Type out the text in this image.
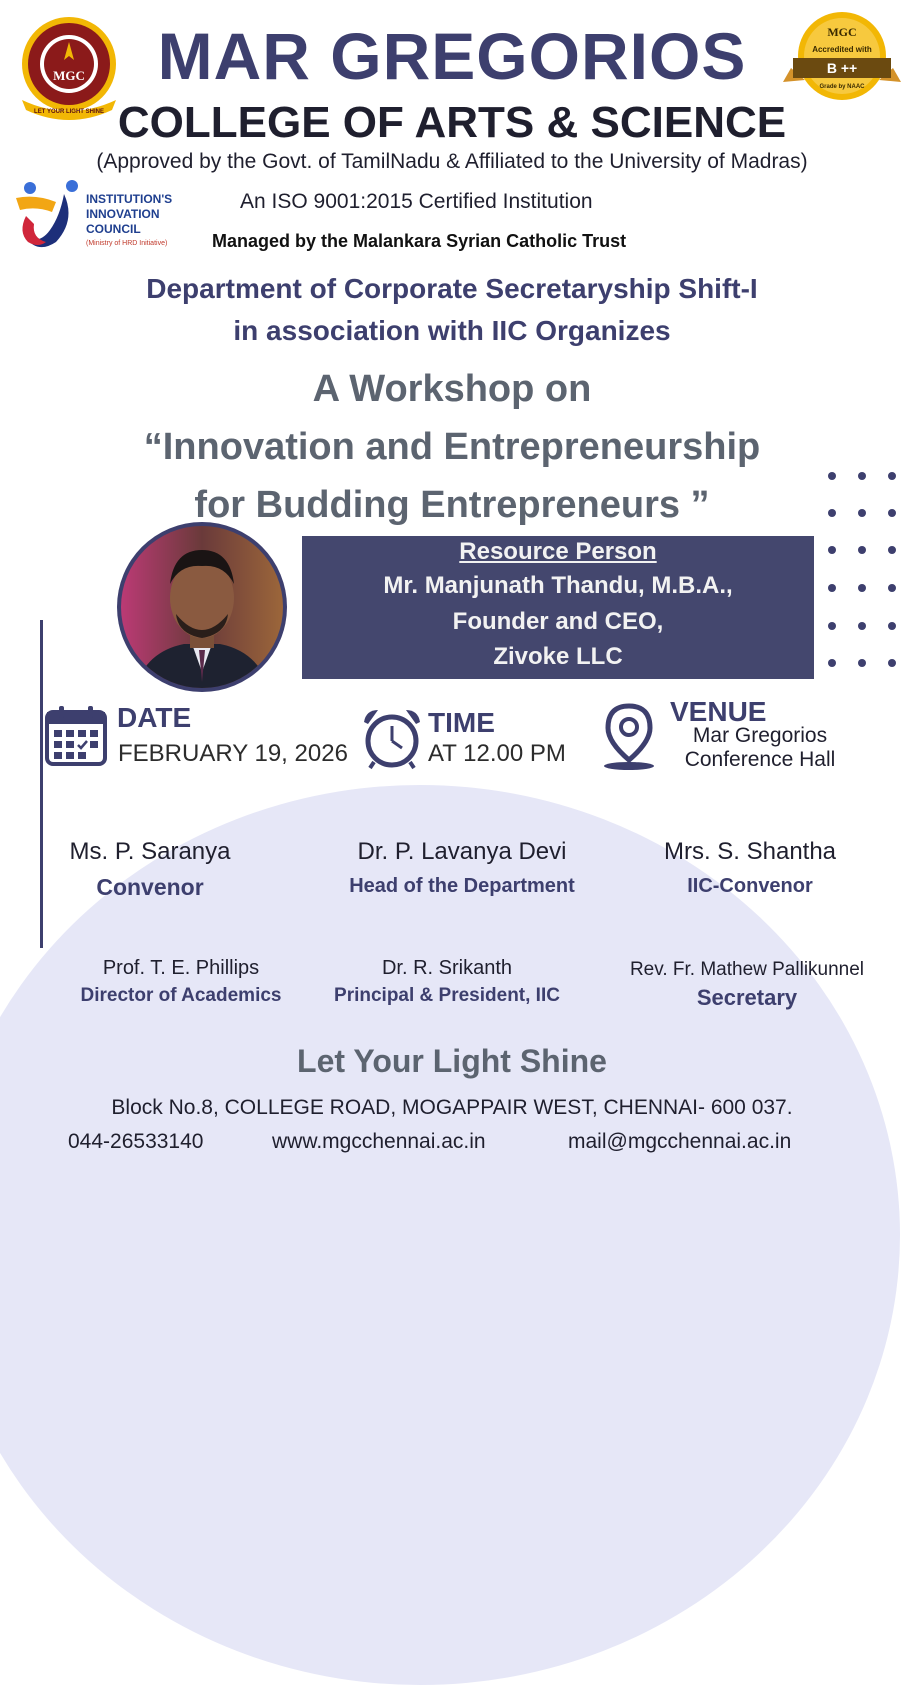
MGC
LET YOUR LIGHT SHINE
MGC
Accredited with
B ++
Grade by NAAC
MAR GREGORIOS
COLLEGE OF ARTS & SCIENCE
(Approved by the Govt. of TamilNadu & Affiliated to the University of Madras)
INSTITUTION'S
INNOVATION
COUNCIL
(Ministry of HRD Initiative)
An ISO 9001:2015 Certified Institution
Managed by the Malankara Syrian Catholic Trust
Department of Corporate Secretaryship Shift-I
in association with IIC Organizes
A Workshop on
“Innovation and Entrepreneurship
for Budding Entrepreneurs ”
Resource Person
Mr. Manjunath Thandu, M.B.A.,
Founder and CEO,
Zivoke LLC
DATE
FEBRUARY 19, 2026
TIME
AT 12.00 PM
VENUE
Mar Gregorios
Conference Hall
Ms. P. Saranya
Convenor
Dr. P. Lavanya Devi
Head of the Department
Mrs. S. Shantha
IIC-Convenor
Prof. T. E. Phillips
Director of Academics
Dr. R. Srikanth
Principal & President, IIC
Rev. Fr. Mathew Pallikunnel
Secretary
Let Your Light Shine
Block No.8, COLLEGE ROAD, MOGAPPAIR WEST, CHENNAI- 600 037.
044-26533140	www.mgcchennai.ac.in	mail@mgcchennai.ac.in
